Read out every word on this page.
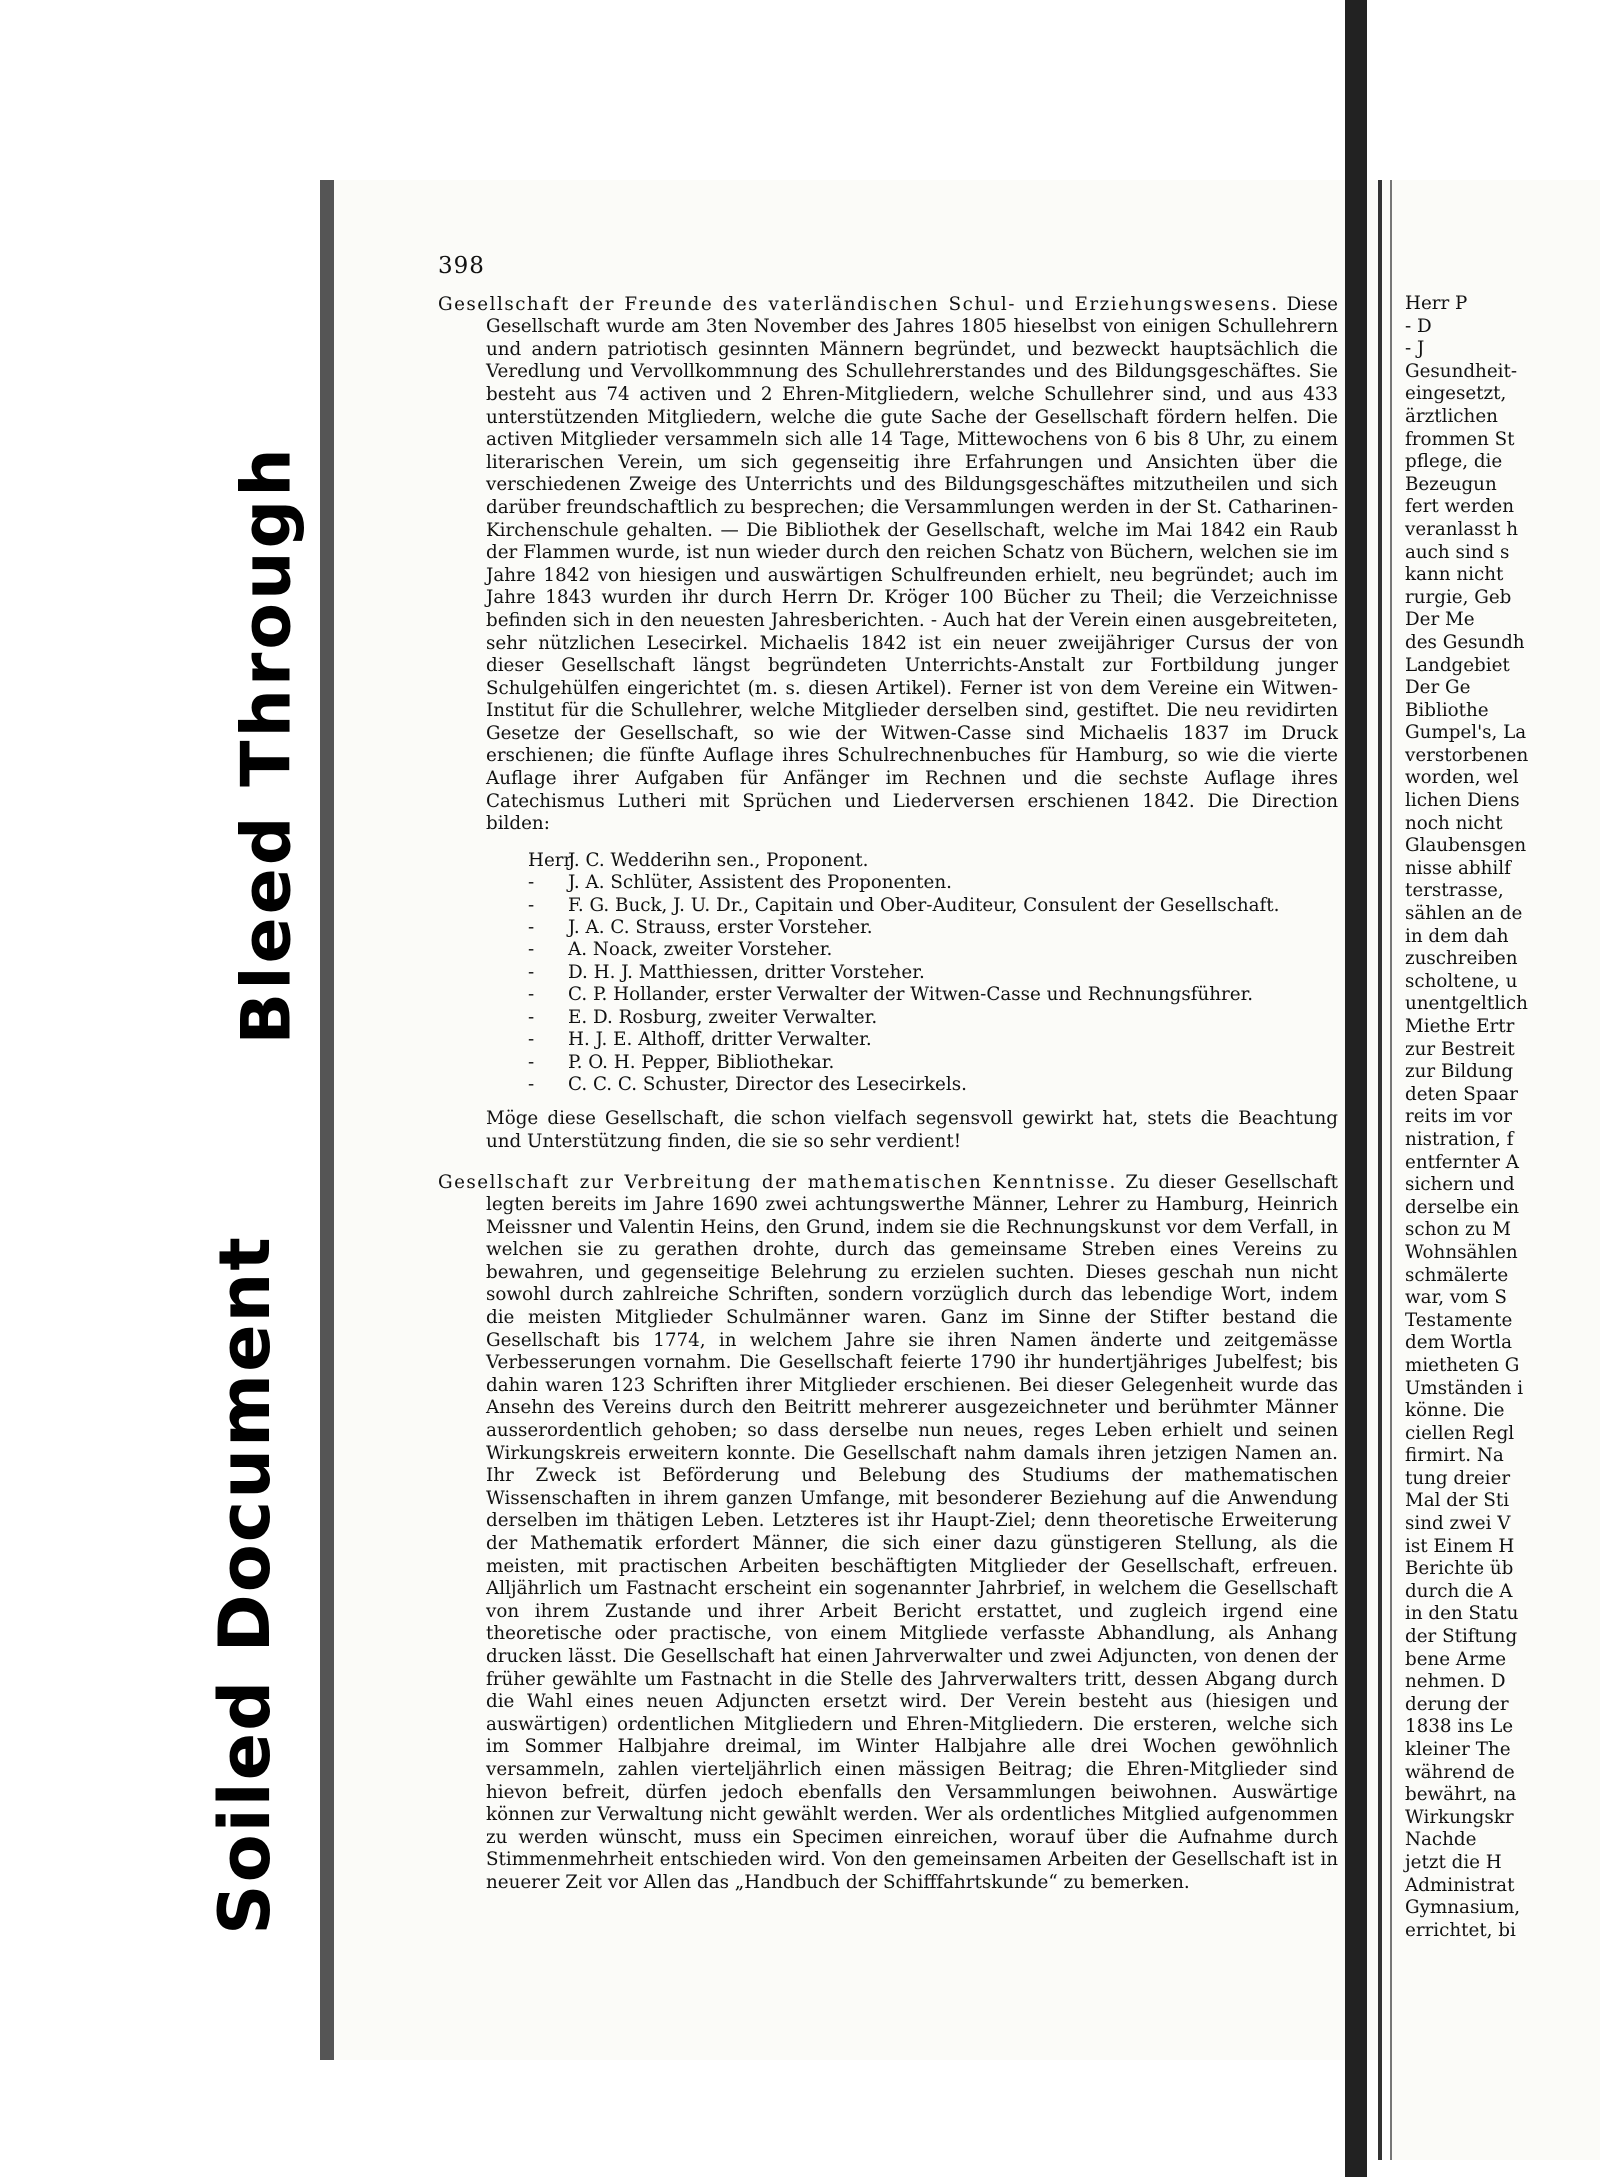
Bleed Through
Soiled Document
398

Gesellschaft der Freunde des vaterländischen Schul- und Erziehungswesens. Diese Gesellschaft wurde am 3ten November des Jahres 1805 hieselbst von einigen Schullehrern und andern patriotisch gesinnten Männern begründet, und bezweckt hauptsächlich die Veredlung und Vervollkommnung des Schullehrerstandes und des Bildungsgeschäftes. Sie besteht aus 74 activen und 2 Ehren-Mitgliedern, welche Schullehrer sind, und aus 433 unterstützenden Mitgliedern, welche die gute Sache der Gesellschaft fördern helfen. Die activen Mitglieder versammeln sich alle 14 Tage, Mittewochens von 6 bis 8 Uhr, zu einem literarischen Verein, um sich gegenseitig ihre Erfahrungen und Ansichten über die verschiedenen Zweige des Unterrichts und des Bildungsgeschäftes mitzutheilen und sich darüber freundschaftlich zu besprechen; die Versammlungen werden in der St. Catharinen-Kirchenschule gehalten. — Die Bibliothek der Gesellschaft, welche im Mai 1842 ein Raub der Flammen wurde, ist nun wieder durch den reichen Schatz von Büchern, welchen sie im Jahre 1842 von hiesigen und auswärtigen Schulfreunden erhielt, neu begründet; auch im Jahre 1843 wurden ihr durch Herrn Dr. Kröger 100 Bücher zu Theil; die Verzeichnisse befinden sich in den neuesten Jahresberichten. - Auch hat der Verein einen ausgebreiteten, sehr nützlichen Lesecirkel. Michaelis 1842 ist ein neuer zweijähriger Cursus der von dieser Gesellschaft längst begründeten Unterrichts-Anstalt zur Fortbildung junger Schulgehülfen eingerichtet (m. s. diesen Artikel). Ferner ist von dem Vereine ein Witwen-Institut für die Schullehrer, welche Mitglieder derselben sind, gestiftet. Die neu revidirten Gesetze der Gesellschaft, so wie der Witwen-Casse sind Michaelis 1837 im Druck erschienen; die fünfte Auflage ihres Schulrechnenbuches für Hamburg, so wie die vierte Auflage ihrer Aufgaben für Anfänger im Rechnen und die sechste Auflage ihres Catechismus Lutheri mit Sprüchen und Liederversen erschienen 1842. Die Direction bilden:

HerrJ. C. Wedderihn sen., Proponent.
- J. A. Schlüter, Assistent des Proponenten.
- F. G. Buck, J. U. Dr., Capitain und Ober-Auditeur, Consulent der Gesellschaft.
- J. A. C. Strauss, erster Vorsteher.
- A. Noack, zweiter Vorsteher.
- D. H. J. Matthiessen, dritter Vorsteher.
- C. P. Hollander, erster Verwalter der Witwen-Casse und Rechnungsführer.
- E. D. Rosburg, zweiter Verwalter.
- H. J. E. Althoff, dritter Verwalter.
- P. O. H. Pepper, Bibliothekar.
- C. C. C. Schuster, Director des Lesecirkels.

Möge diese Gesellschaft, die schon vielfach segensvoll gewirkt hat, stets die Beachtung und Unterstützung finden, die sie so sehr verdient!

Gesellschaft zur Verbreitung der mathematischen Kenntnisse. Zu dieser Gesellschaft legten bereits im Jahre 1690 zwei achtungswerthe Männer, Lehrer zu Hamburg, Heinrich Meissner und Valentin Heins, den Grund, indem sie die Rechnungskunst vor dem Verfall, in welchen sie zu gerathen drohte, durch das gemeinsame Streben eines Vereins zu bewahren, und gegenseitige Belehrung zu erzielen suchten. Dieses geschah nun nicht sowohl durch zahlreiche Schriften, sondern vorzüglich durch das lebendige Wort, indem die meisten Mitglieder Schulmänner waren. Ganz im Sinne der Stifter bestand die Gesellschaft bis 1774, in welchem Jahre sie ihren Namen änderte und zeitgemässe Verbesserungen vornahm. Die Gesellschaft feierte 1790 ihr hundertjähriges Jubelfest; bis dahin waren 123 Schriften ihrer Mitglieder erschienen. Bei dieser Gelegenheit wurde das Ansehn des Vereins durch den Beitritt mehrerer ausgezeichneter und berühmter Männer ausserordentlich gehoben; so dass derselbe nun neues, reges Leben erhielt und seinen Wirkungskreis erweitern konnte. Die Gesellschaft nahm damals ihren jetzigen Namen an. Ihr Zweck ist Beförderung und Belebung des Studiums der mathematischen Wissenschaften in ihrem ganzen Umfange, mit besonderer Beziehung auf die Anwendung derselben im thätigen Leben. Letzteres ist ihr Haupt-Ziel; denn theoretische Erweiterung der Mathematik erfordert Männer, die sich einer dazu günstigeren Stellung, als die meisten, mit practischen Arbeiten beschäftigten Mitglieder der Gesellschaft, erfreuen. Alljährlich um Fastnacht erscheint ein sogenannter Jahrbrief, in welchem die Gesellschaft von ihrem Zustande und ihrer Arbeit Bericht erstattet, und zugleich irgend eine theoretische oder practische, von einem Mitgliede verfasste Abhandlung, als Anhang drucken lässt. Die Gesellschaft hat einen Jahrverwalter und zwei Adjuncten, von denen der früher gewählte um Fastnacht in die Stelle des Jahrverwalters tritt, dessen Abgang durch die Wahl eines neuen Adjuncten ersetzt wird. Der Verein besteht aus (hiesigen und auswärtigen) ordentlichen Mitgliedern und Ehren-Mitgliedern. Die ersteren, welche sich im Sommer Halbjahre dreimal, im Winter Halbjahre alle drei Wochen gewöhnlich versammeln, zahlen vierteljährlich einen mässigen Beitrag; die Ehren-Mitglieder sind hievon befreit, dürfen jedoch ebenfalls den Versammlungen beiwohnen. Auswärtige können zur Verwaltung nicht gewählt werden. Wer als ordentliches Mitglied aufgenommen zu werden wünscht, muss ein Specimen einreichen, worauf über die Aufnahme durch Stimmenmehrheit entschieden wird. Von den gemeinsamen Arbeiten der Gesellschaft ist in neuerer Zeit vor Allen das „Handbuch der Schifffahrtskunde“ zu bemerken.

Herr P
- D
- J
Gesundheit-
eingesetzt,
ärztlichen
frommen St
pflege, die
Bezeugun
fert werden
veranlasst h
auch sind s
kann nicht
rurgie, Geb
Der Me
des Gesundh
Landgebiet
Der Ge
Bibliothe
Gumpel's, La
verstorbenen
worden, wel
lichen Diens
noch nicht
Glaubensgen
nisse abhilf
terstrasse,
sählen an de
in dem dah
zuschreiben
scholtene, u
unentgeltlich
Miethe Ertr
zur Bestreit
zur Bildung
deten Spaar
reits im vor
nistration, f
entfernter A
sichern und
derselbe ein
schon zu M
Wohnsählen
schmälerte
war, vom S
Testamente
dem Wortla
mietheten G
Umständen i
könne. Die
ciellen Regl
firmirt. Na
tung dreier
Mal der Sti
sind zwei V
ist Einem H
Berichte üb
durch die A
in den Statu
der Stiftung
bene Arme
nehmen. D
derung der
1838 ins Le
kleiner The
während de
bewährt, na
Wirkungskr
Nachde
jetzt die H
Administrat
Gymnasium,
errichtet, bi
